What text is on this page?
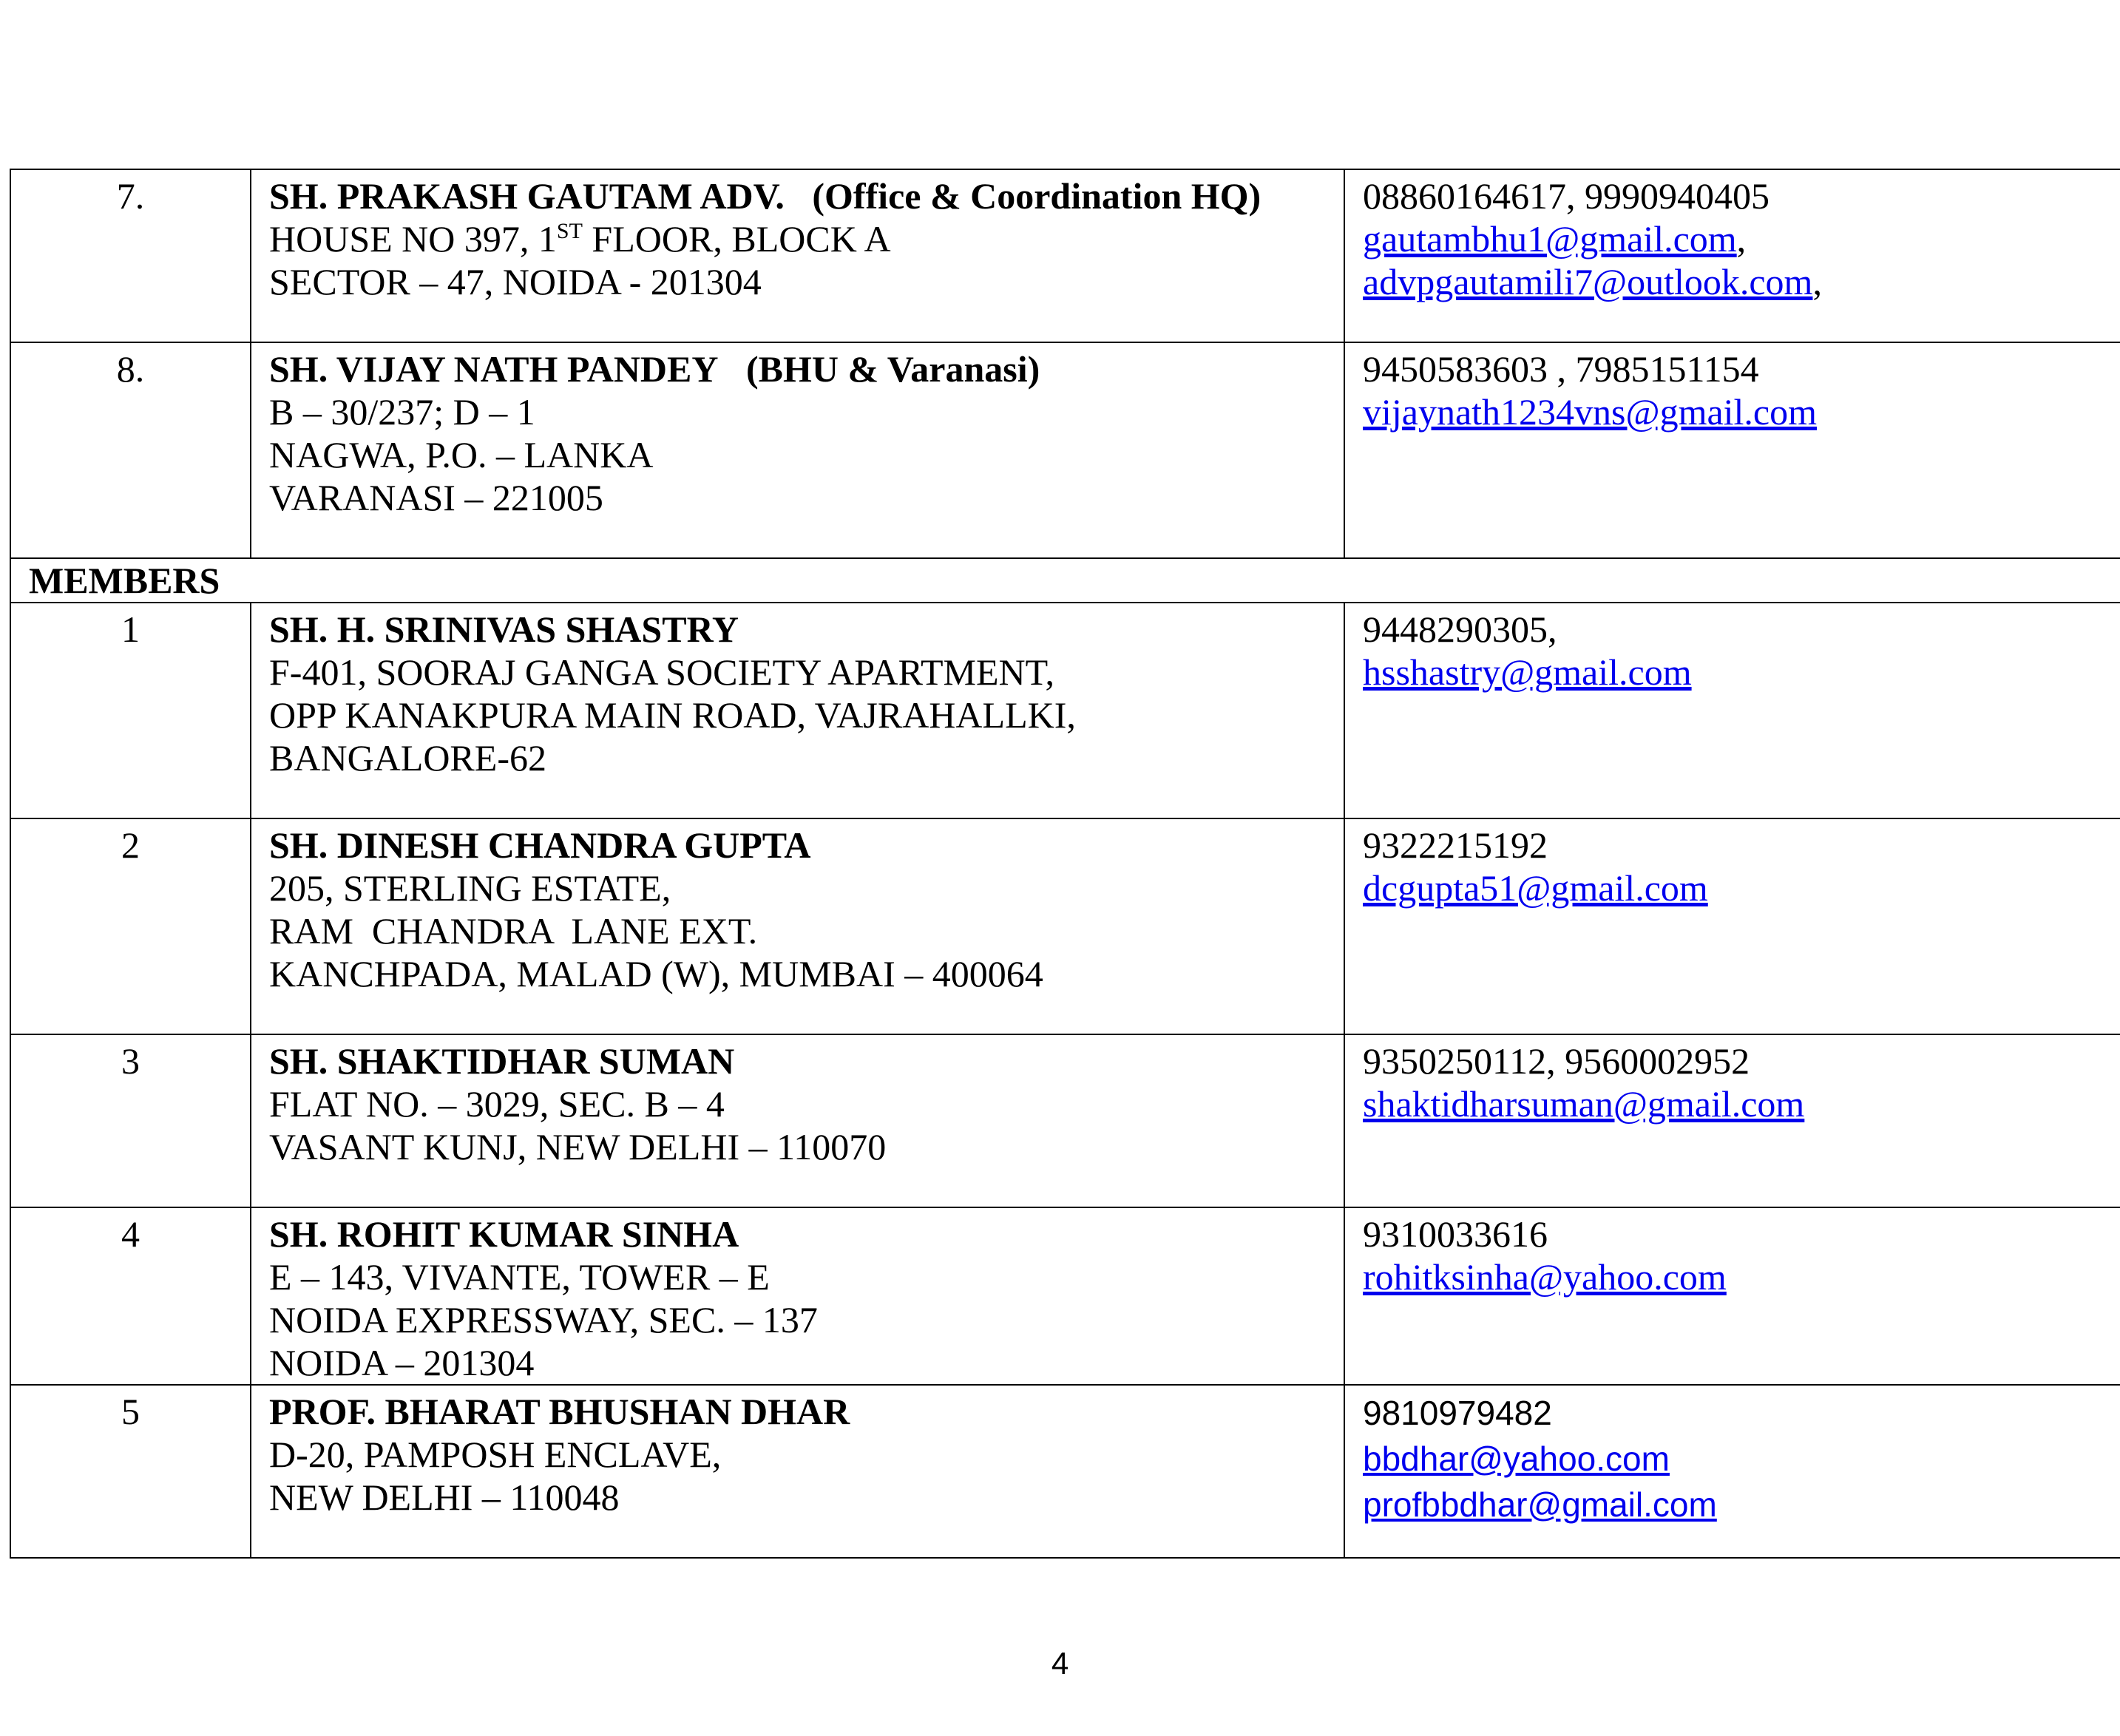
7.	SH. PRAKASH GAUTAM ADV. (Office & Coordination HQ)
HOUSE NO 397, 1ST FLOOR, BLOCK A
SECTOR – 47, NOIDA - 201304	08860164617, 9990940405
gautambhu1@gmail.com,
advpgautamili7@outlook.com,

8.	SH. VIJAY NATH PANDEY (BHU & Varanasi)
B – 30/237; D – 1
NAGWA, P.O. – LANKA
VARANASI – 221005	9450583603 , 7985151154
vijaynath1234vns@gmail.com

MEMBERS		
1	SH. H. SRINIVAS SHASTRY
F-401, SOORAJ GANGA SOCIETY APARTMENT,
OPP KANAKPURA MAIN ROAD, VAJRAHALLKI,
BANGALORE-62	9448290305,
hsshastry@gmail.com

2	SH. DINESH CHANDRA GUPTA
205, STERLING ESTATE,
RAM  CHANDRA  LANE EXT.
KANCHPADA, MALAD (W), MUMBAI – 400064	9322215192
dcgupta51@gmail.com

3	SH. SHAKTIDHAR SUMAN
FLAT NO. – 3029, SEC. B – 4
VASANT KUNJ, NEW DELHI – 110070	9350250112, 9560002952
shaktidharsuman@gmail.com

4	SH. ROHIT KUMAR SINHA
E – 143, VIVANTE, TOWER – E
NOIDA EXPRESSWAY, SEC. – 137
NOIDA – 201304	9310033616
rohitksinha@yahoo.com

5	PROF. BHARAT BHUSHAN DHAR
D-20, PAMPOSH ENCLAVE,
NEW DELHI – 110048	9810979482
bbdhar@yahoo.com
profbbdhar@gmail.com
4
